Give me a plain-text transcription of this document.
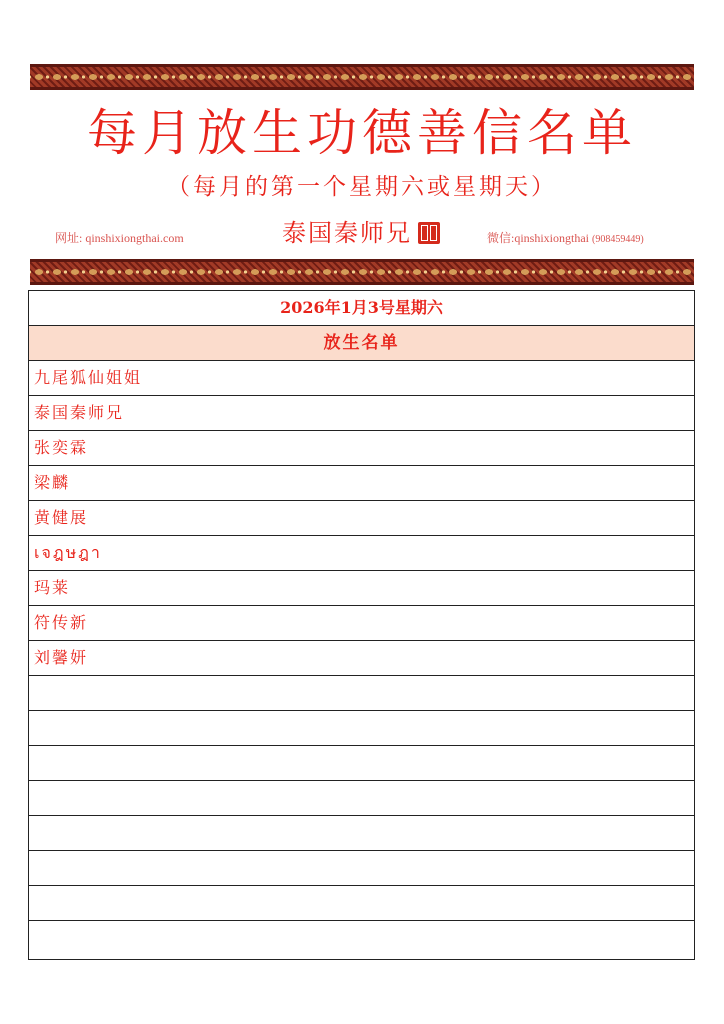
每月放生功德善信名单
（每月的第一个星期六或星期天）
网址: qinshixiongthai.com	泰国秦师兄	微信:qinshixiongthai (908459449)
2026年1月3号星期六
放生名单
九尾狐仙姐姐
泰国秦师兄
张奕霖
梁麟
黄健展
เจฎษฎา
玛莱
符传新
刘馨妍
